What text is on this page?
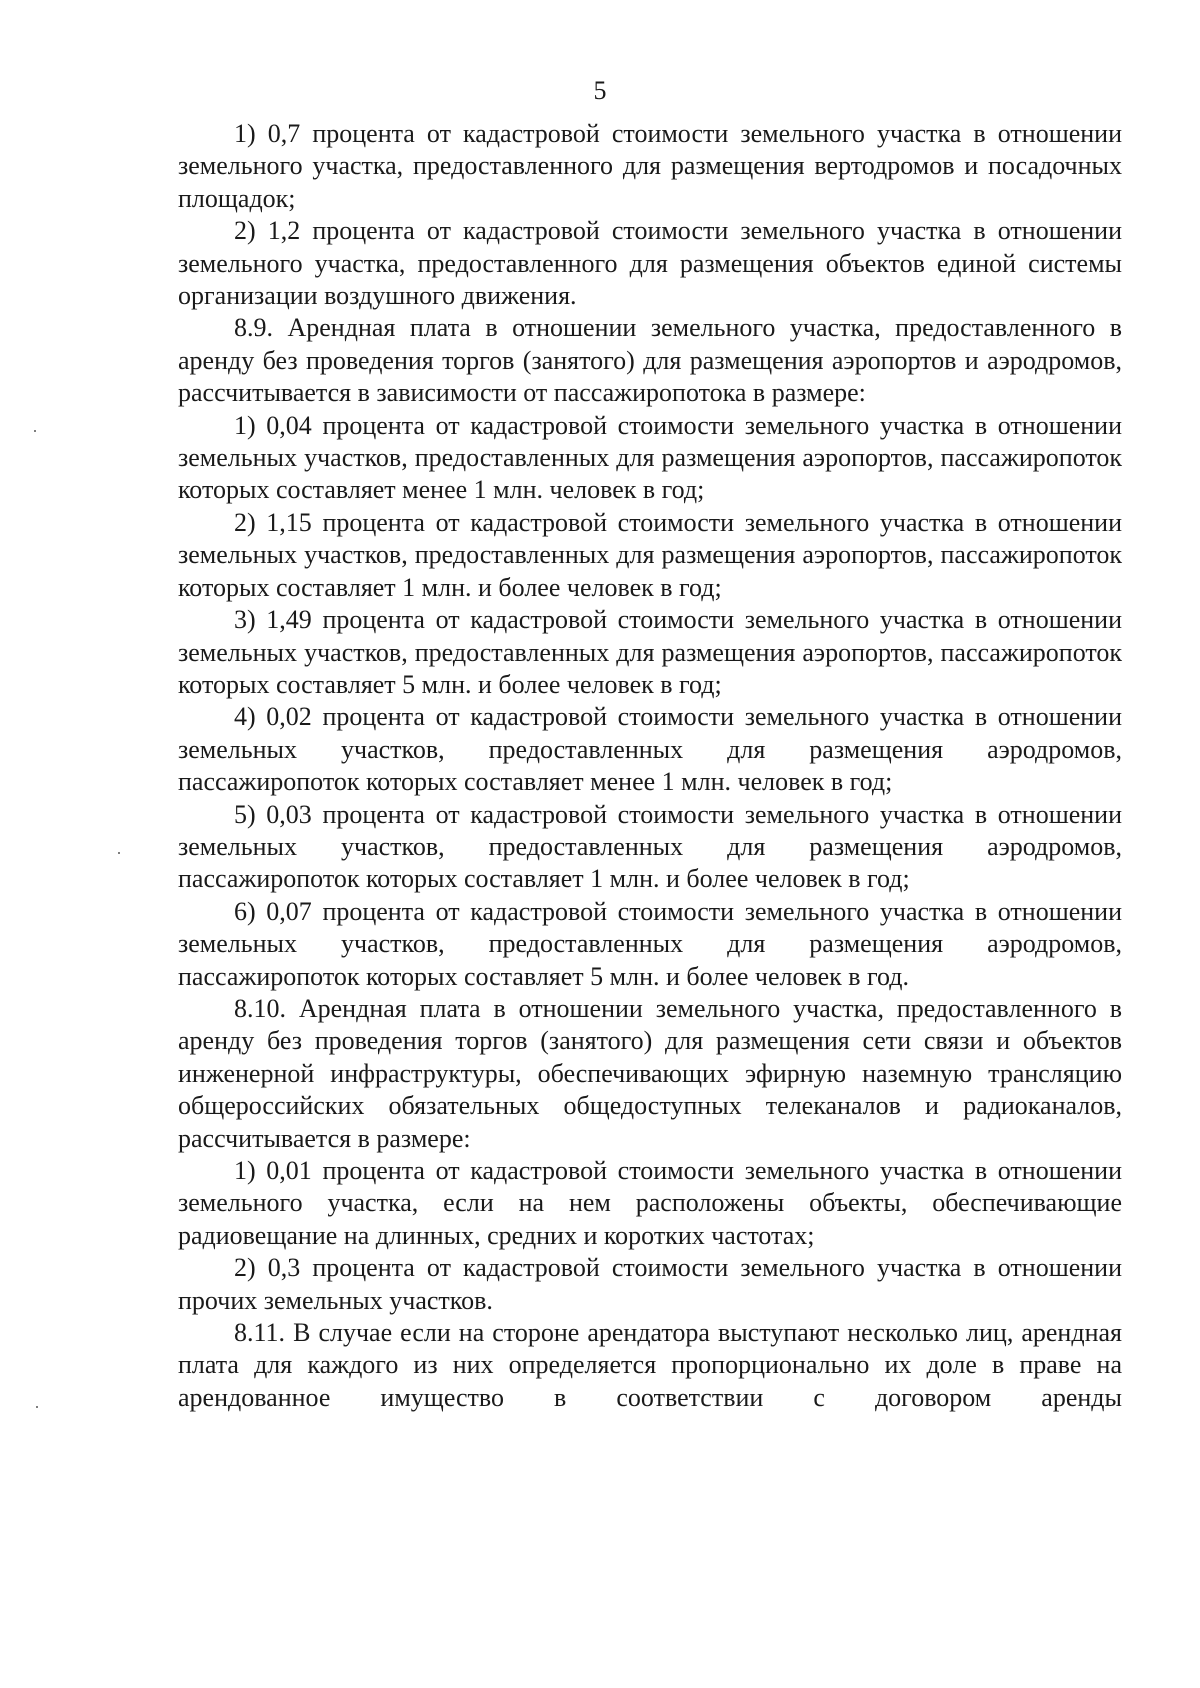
5

1) 0,7 процента от кадастровой стоимости земельного участка в отношении земельного участка, предоставленного для размещения вертодромов и посадочных площадок;

2) 1,2 процента от кадастровой стоимости земельного участка в отношении земельного участка, предоставленного для размещения объектов единой системы организации воздушного движения.

8.9. Арендная плата в отношении земельного участка, предоставленного в аренду без проведения торгов (занятого) для размещения аэропортов и аэродромов, рассчитывается в зависимости от пассажиропотока в размере:

1) 0,04 процента от кадастровой стоимости земельного участка в отношении земельных участков, предоставленных для размещения аэропортов, пассажиропоток которых составляет менее 1 млн. человек в год;

2) 1,15 процента от кадастровой стоимости земельного участка в отношении земельных участков, предоставленных для размещения аэропортов, пассажиропоток которых составляет 1 млн. и более человек в год;

3) 1,49 процента от кадастровой стоимости земельного участка в отношении земельных участков, предоставленных для размещения аэропортов, пассажиропоток которых составляет 5 млн. и более человек в год;

4) 0,02 процента от кадастровой стоимости земельного участка в отношении земельных участков, предоставленных для размещения аэродромов, пассажиропоток которых составляет менее 1 млн. человек в год;

5) 0,03 процента от кадастровой стоимости земельного участка в отношении земельных участков, предоставленных для размещения аэродромов, пассажиропоток которых составляет 1 млн. и более человек в год;

6) 0,07 процента от кадастровой стоимости земельного участка в отношении земельных участков, предоставленных для размещения аэродромов, пассажиропоток которых составляет 5 млн. и более человек в год.

8.10. Арендная плата в отношении земельного участка, предоставленного в аренду без проведения торгов (занятого) для размещения сети связи и объектов инженерной инфраструктуры, обеспечивающих эфирную наземную трансляцию общероссийских обязательных общедоступных телеканалов и радиоканалов, рассчитывается в размере:

1) 0,01 процента от кадастровой стоимости земельного участка в отношении земельного участка, если на нем расположены объекты, обеспечивающие радиовещание на длинных, средних и коротких частотах;

2) 0,3 процента от кадастровой стоимости земельного участка в отношении прочих земельных участков.

8.11. В случае если на стороне арендатора выступают несколько лиц, арендная плата для каждого из них определяется пропорционально их доле в праве на арендованное имущество в соответствии с договором аренды
